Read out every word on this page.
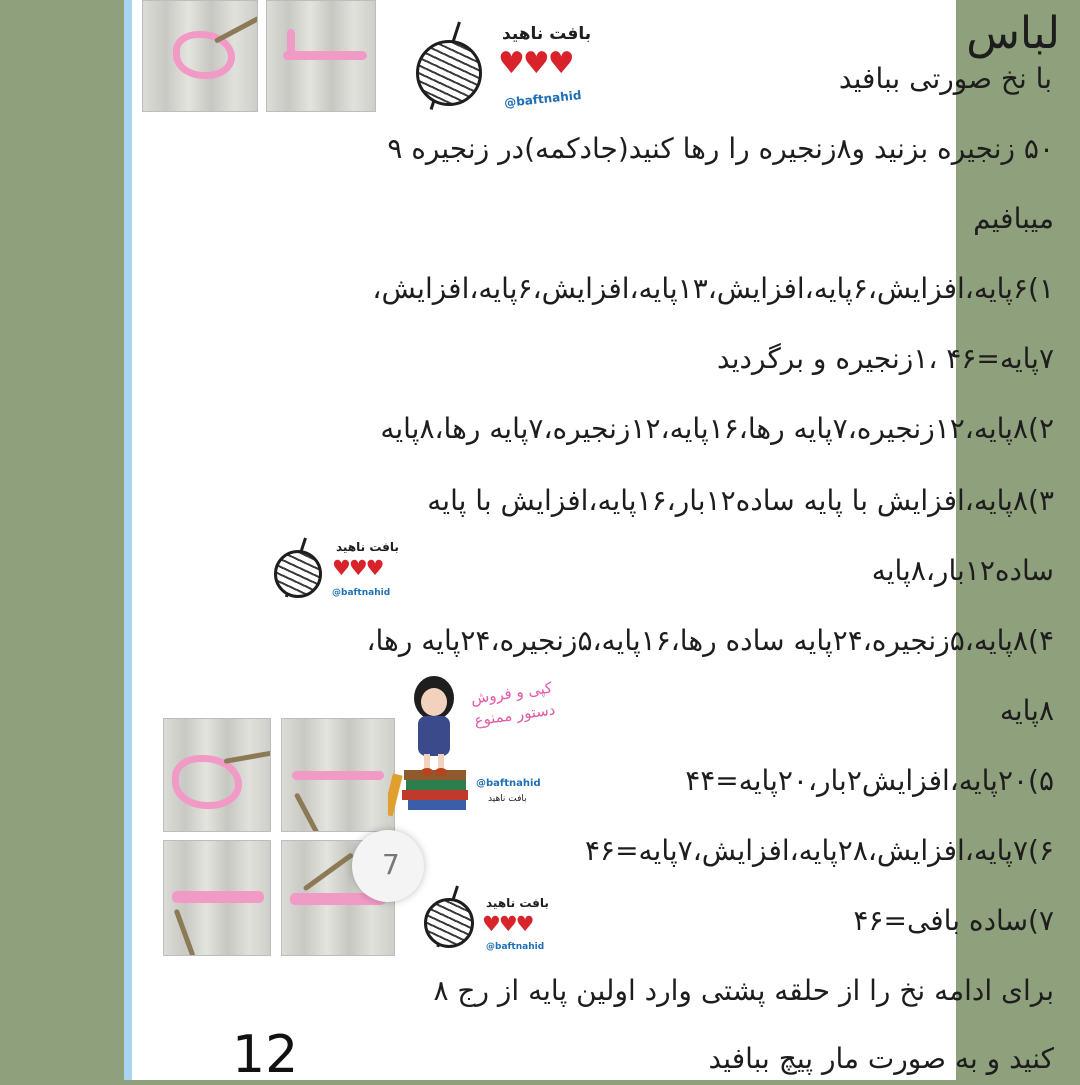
بافت ناهید
♥♥♥
@baftnahid
لباس
با نخ صورتی ببافید
۵۰ زنجیره بزنید و۸زنجیره را رها کنید(جادکمه)در زنجیره ۹
میبافیم
۱)۶پایه،افزایش،۶پایه،افزایش،۱۳پایه،افزایش،۶پایه،افزایش،
۷پایه=۴۶ ،۱زنجیره و برگردید
۲)۸پایه،۱۲زنجیره،۷پایه رها،۱۶پایه،۱۲زنجیره،۷پایه رها،۸پایه
۳)۸پایه،افزایش با پایه ساده۱۲بار،۱۶پایه،افزایش با پایه
ساده۱۲بار،۸پایه
۴)۸پایه،۵زنجیره،۲۴پایه ساده رها،۱۶پایه،۵زنجیره،۲۴پایه رها،
۸پایه
۵)۲۰پایه،افزایش۲بار،۲۰پایه=۴۴
۶)۷پایه،افزایش،۲۸پایه،افزایش،۷پایه=۴۶
۷)ساده بافی=۴۶
برای ادامه نخ را از حلقه پشتی وارد اولین پایه از رج ۸
کنید و به صورت مار پیچ ببافید
بافت ناهید
♥♥♥
@baftnahid
7
کپی و فروش
دستور ممنوع
@baftnahid
بافت ناهید
بافت ناهید
♥♥♥
@baftnahid
12
